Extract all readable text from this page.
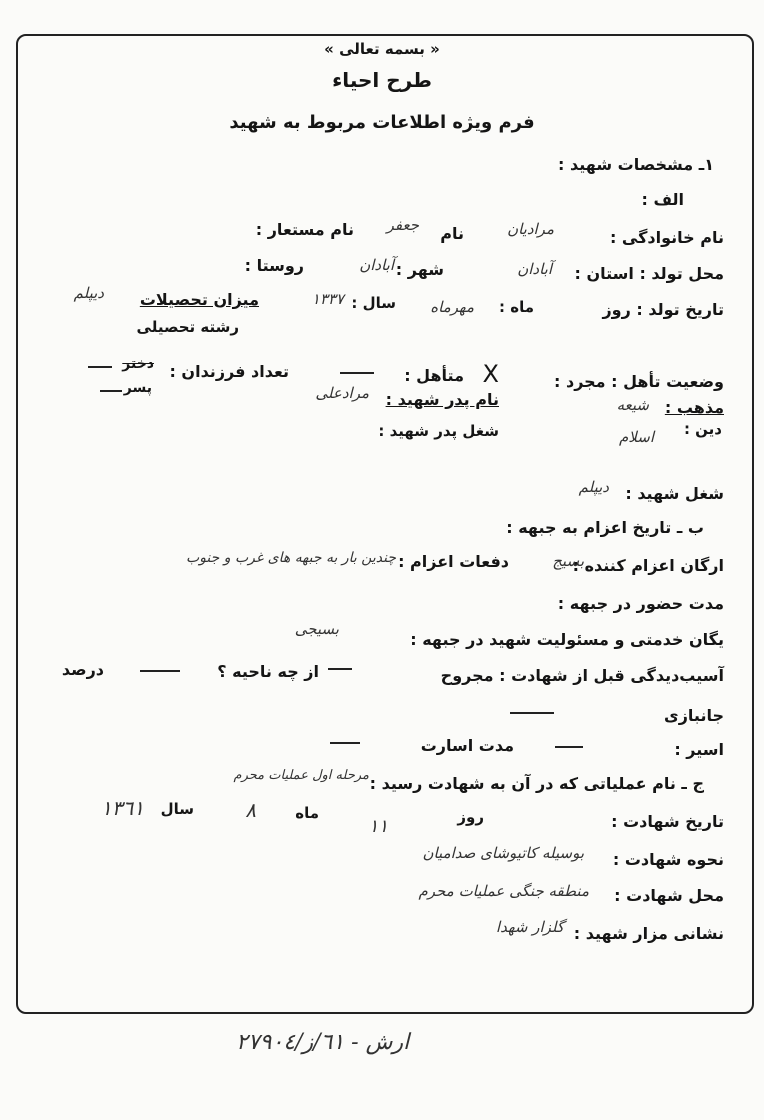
« بسمه تعالی »
طرح احیاء
فرم ویژه اطلاعات مربوط به شهید
١ـ مشخصات شهید :
الف :
نام خانوادگی :
مرادیان
نام
جعفر
نام مستعار :
محل تولد : استان :
آبادان
شهر :
آبادان
روستا :
تاریخ تولد : روز
ماه :
مهرماه
سال :
١٣٣٧
میزان تحصیلات
دیپلم
رشته تحصیلی
وضعیت تأهل : مجرد :
X
متأهل :
تعداد فرزندان :
دختر
پسر
مذهب :
شیعه
دین :
اسلام
نام پدر شهید :
مرادعلی
شغل پدر شهید :
شغل شهید :
دیپلم
ب ـ تاریخ اعزام به جبهه :
ارگان اعزام کننده :
بسیج
دفعات اعزام :
چندین بار به جبهه های غرب و جنوب
مدت حضور در جبهه :
یگان خدمتی و مسئولیت شهید در جبهه :
بسیجی
آسیب‌دیدگی قبل از شهادت : مجروح
از چه ناحیه ؟
درصد
جانبازی
اسیر :
مدت اسارت
ج ـ نام عملیاتی که در آن به شهادت رسید :
مرحله اول عملیات محرم
تاریخ شهادت :
روز
١١
ماه
٨
سال
١٣٦١
نحوه شهادت :
بوسیله کاتیوشای صدامیان
محل شهادت :
منطقه جنگی عملیات محرم
نشانی مزار شهید :
گلزار شهدا
ارش - ٦١/ز/٢٧٩٠٤
